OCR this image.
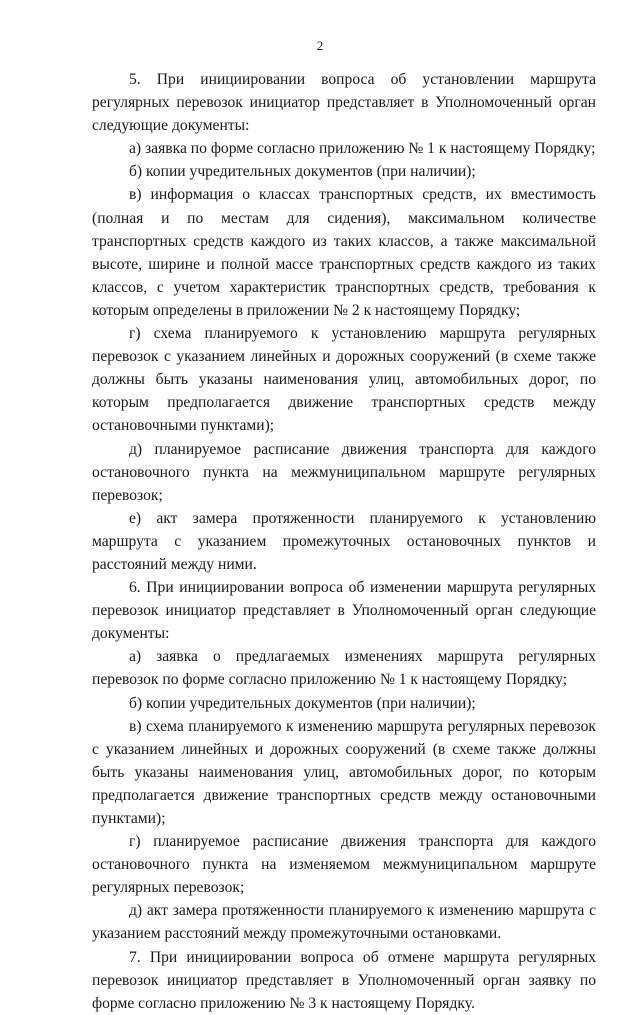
2

5. При инициировании вопроса об установлении маршрута регулярных перевозок инициатор представляет в Уполномоченный орган следующие документы:

а) заявка по форме согласно приложению № 1 к настоящему Порядку;

б) копии учредительных документов (при наличии);

в) информация о классах транспортных средств, их вместимость (полная и по местам для сидения), максимальном количестве транспортных средств каждого из таких классов, а также максимальной высоте, ширине и полной массе транспортных средств каждого из таких классов, с учетом характеристик транспортных средств, требования к которым определены в приложении № 2 к настоящему Порядку;

г) схема планируемого к установлению маршрута регулярных перевозок с указанием линейных и дорожных сооружений (в схеме также должны быть указаны наименования улиц, автомобильных дорог, по которым предполагается движение транспортных средств между остановочными пунктами);

д) планируемое расписание движения транспорта для каждого остановочного пункта на межмуниципальном маршруте регулярных перевозок;

е) акт замера протяженности планируемого к установлению маршрута с указанием промежуточных остановочных пунктов и расстояний между ними.

6. При инициировании вопроса об изменении маршрута регулярных перевозок инициатор представляет в Уполномоченный орган следующие документы:

а) заявка о предлагаемых изменениях маршрута регулярных перевозок по форме согласно приложению № 1 к настоящему Порядку;

б) копии учредительных документов (при наличии);

в) схема планируемого к изменению маршрута регулярных перевозок с указанием линейных и дорожных сооружений (в схеме также должны быть указаны наименования улиц, автомобильных дорог, по которым предполагается движение транспортных средств между остановочными пунктами);

г) планируемое расписание движения транспорта для каждого остановочного пункта на изменяемом межмуниципальном маршруте регулярных перевозок;

д) акт замера протяженности планируемого к изменению маршрута с указанием расстояний между промежуточными остановками.

7. При инициировании вопроса об отмене маршрута регулярных перевозок инициатор представляет в Уполномоченный орган заявку по форме согласно приложению № 3 к настоящему Порядку.
